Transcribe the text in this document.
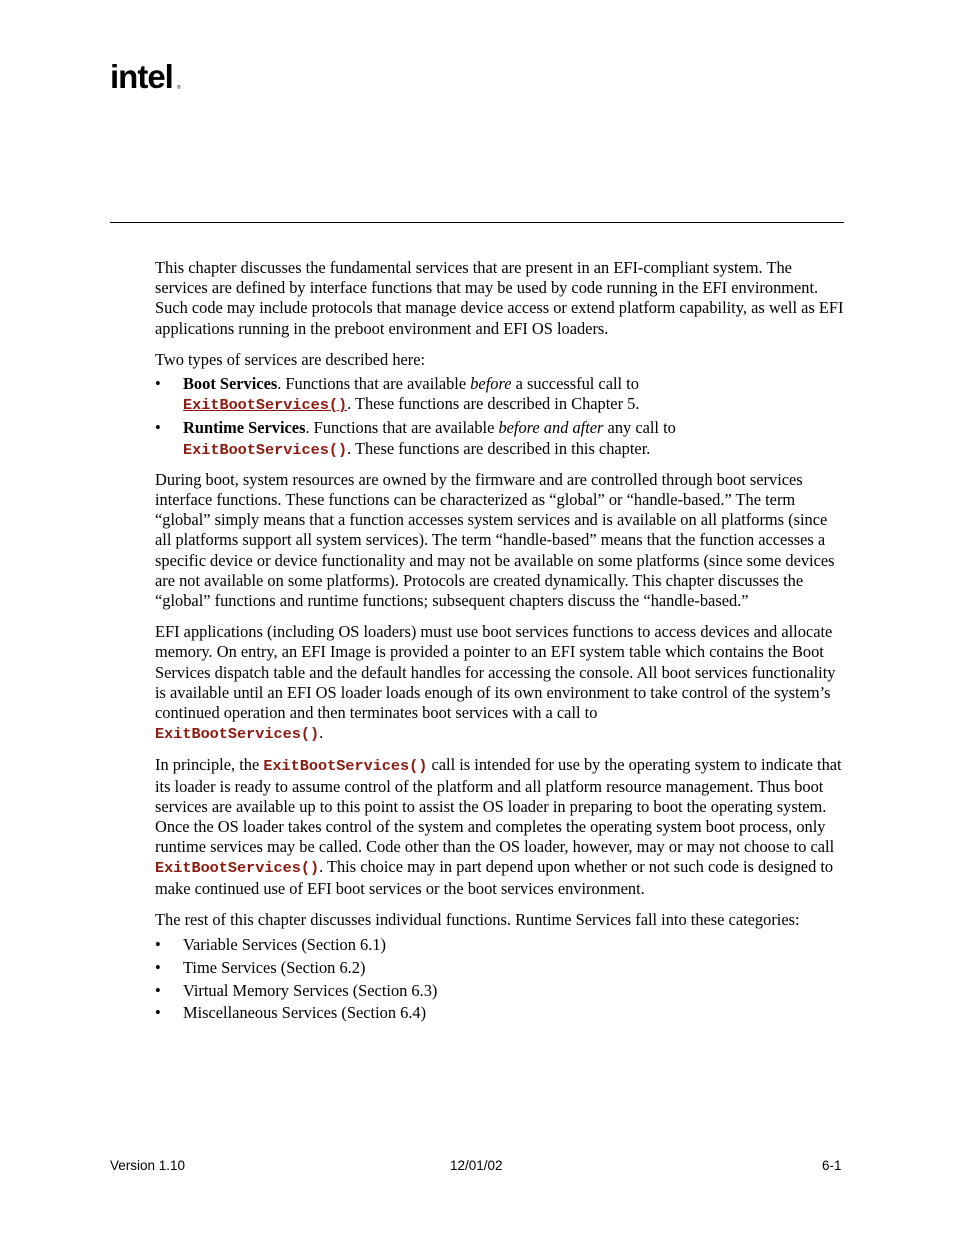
intel ®

This chapter discusses the fundamental services that are present in an EFI-compliant system. The services are defined by interface functions that may be used by code running in the EFI environment. Such code may include protocols that manage device access or extend platform capability, as well as EFI applications running in the preboot environment and EFI OS loaders.

Two types of services are described here:

• Boot Services. Functions that are available before a successful call to
ExitBootServices(). These functions are described in Chapter 5.
• Runtime Services. Functions that are available before and after any call to
ExitBootServices(). These functions are described in this chapter.

During boot, system resources are owned by the firmware and are controlled through boot services interface functions. These functions can be characterized as “global” or “handle-based.” The term “global” simply means that a function accesses system services and is available on all platforms (since all platforms support all system services). The term “handle-based” means that the function accesses a specific device or device functionality and may not be available on some platforms (since some devices are not available on some platforms). Protocols are created dynamically. This chapter discusses the “global” functions and runtime functions; subsequent chapters discuss the “handle-based.”

EFI applications (including OS loaders) must use boot services functions to access devices and allocate memory. On entry, an EFI Image is provided a pointer to an EFI system table which contains the Boot Services dispatch table and the default handles for accessing the console. All boot services functionality is available until an EFI OS loader loads enough of its own environment to take control of the system’s continued operation and then terminates boot services with a call to
ExitBootServices().

In principle, the ExitBootServices() call is intended for use by the operating system to indicate that its loader is ready to assume control of the platform and all platform resource management. Thus boot services are available up to this point to assist the OS loader in preparing to boot the operating system. Once the OS loader takes control of the system and completes the operating system boot process, only runtime services may be called. Code other than the OS loader, however, may or may not choose to call ExitBootServices(). This choice may in part depend upon whether or not such code is designed to make continued use of EFI boot services or the boot services environment.

The rest of this chapter discusses individual functions. Runtime Services fall into these categories:

• Variable Services (Section 6.1)
• Time Services (Section 6.2)
• Virtual Memory Services (Section 6.3)
• Miscellaneous Services (Section 6.4)
Version 1.10	12/01/02	6-1
